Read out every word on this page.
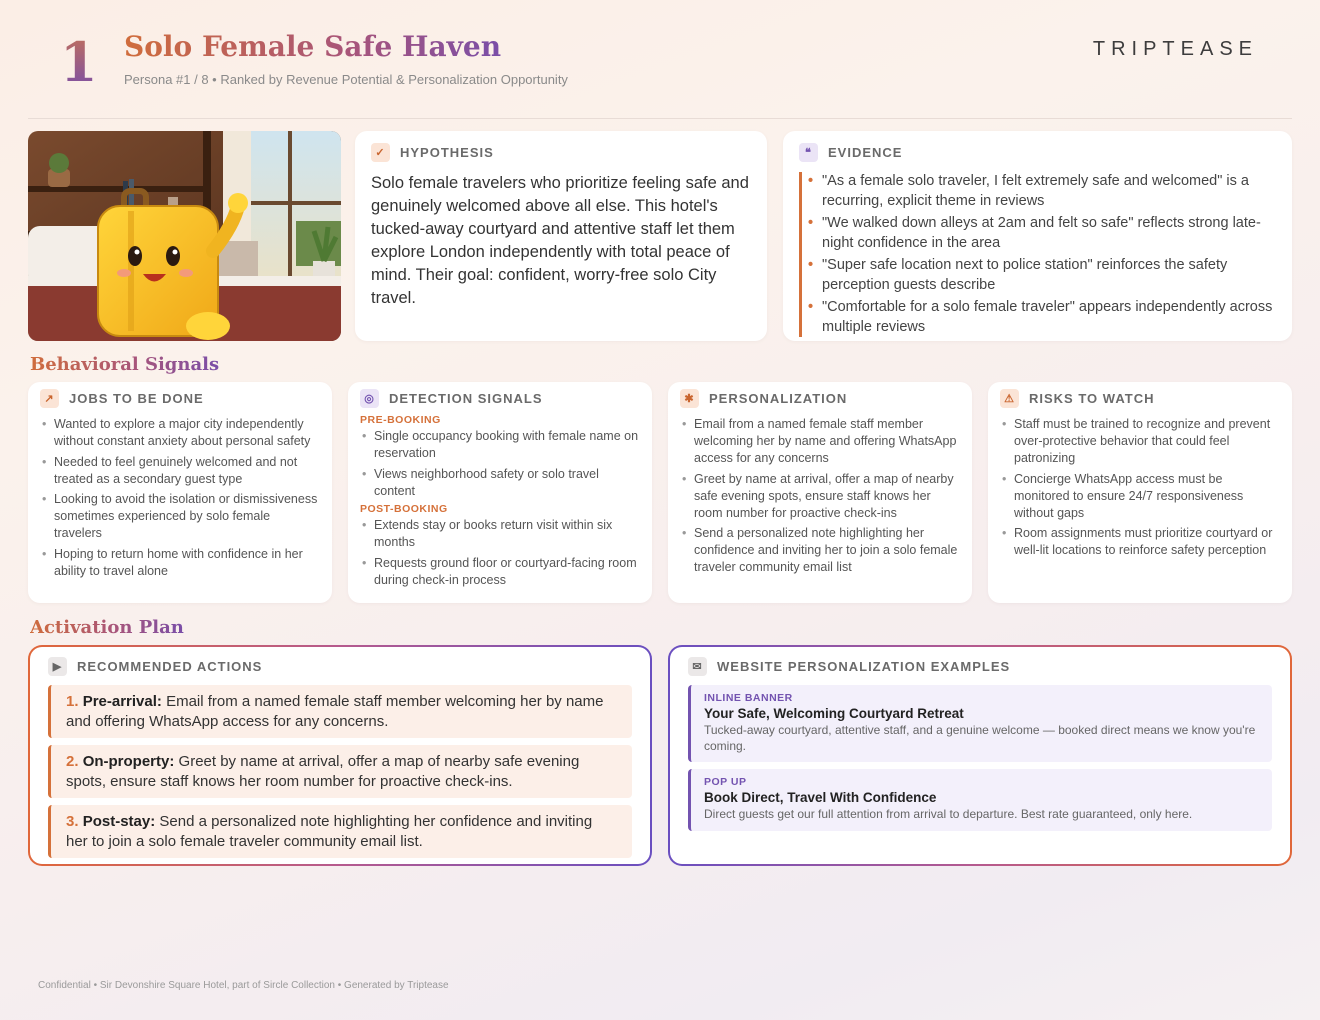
1 Solo Female Safe Haven
Persona #1 / 8 • Ranked by Revenue Potential & Personalization Opportunity
TRIPTEASE
✓	HYPOTHESIS

Solo female travelers who prioritize feeling safe and genuinely welcomed above all else. This hotel's tucked-away courtyard and attentive staff let them explore London independently with total peace of mind. Their goal: confident, worry-free solo City travel.

❝	EVIDENCE
• "As a female solo traveler, I felt extremely safe and welcomed" is a recurring, explicit theme in reviews
• "We walked down alleys at 2am and felt so safe" reflects strong late-night confidence in the area
• "Super safe location next to police station" reinforces the safety perception guests describe
• "Comfortable for a solo female traveler" appears independently across multiple reviews
Behavioral Signals
↗	JOBS TO BE DONE
• Wanted to explore a major city independently without constant anxiety about personal safety
• Needed to feel genuinely welcomed and not treated as a secondary guest type
• Looking to avoid the isolation or dismissiveness sometimes experienced by solo female travelers
• Hoping to return home with confidence in her ability to travel alone
◎	DETECTION SIGNALS
PRE-BOOKING
• Single occupancy booking with female name on reservation
• Views neighborhood safety or solo travel content
POST-BOOKING
• Extends stay or books return visit within six months
• Requests ground floor or courtyard-facing room during check-in process
✱	PERSONALIZATION
• Email from a named female staff member welcoming her by name and offering WhatsApp access for any concerns
• Greet by name at arrival, offer a map of nearby safe evening spots, ensure staff knows her room number for proactive check-ins
• Send a personalized note highlighting her confidence and inviting her to join a solo female traveler community email list
⚠	RISKS TO WATCH
• Staff must be trained to recognize and prevent over-protective behavior that could feel patronizing
• Concierge WhatsApp access must be monitored to ensure 24/7 responsiveness without gaps
• Room assignments must prioritize courtyard or well-lit locations to reinforce safety perception
Activation Plan
▶	RECOMMENDED ACTIONS
1. Pre-arrival: Email from a named female staff member welcoming her by name and offering WhatsApp access for any concerns.
2. On-property: Greet by name at arrival, offer a map of nearby safe evening spots, ensure staff knows her room number for proactive check-ins.
3. Post-stay: Send a personalized note highlighting her confidence and inviting her to join a solo female traveler community email list.
✉	WEBSITE PERSONALIZATION EXAMPLES
INLINE BANNER
Your Safe, Welcoming Courtyard Retreat
Tucked-away courtyard, attentive staff, and a genuine welcome — booked direct means we know you're coming.
POP UP
Book Direct, Travel With Confidence
Direct guests get our full attention from arrival to departure. Best rate guaranteed, only here.
Confidential • Sir Devonshire Square Hotel, part of Sircle Collection • Generated by Triptease
